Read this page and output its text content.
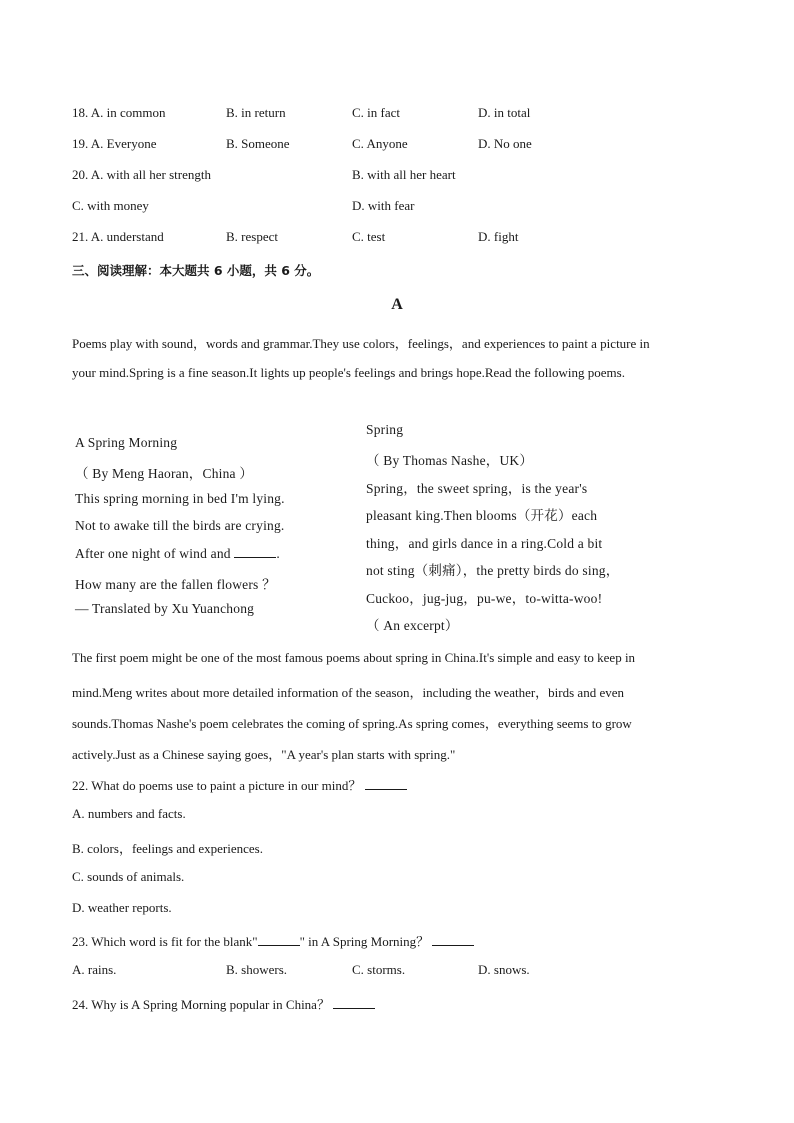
18. A. in common	B. in return	C. in fact	D. in total
19. A. Everyone	B. Someone	C. Anyone	D. No one
20. A. with all her strength	B. with all her heart
C. with money	D. with fear
21. A. understand	B. respect	C. test	D. fight
三、阅读理解：本大题共 6 小题，共 6 分。
A
Poems play with sound，words and grammar.They use colors，feelings，and experiences to paint a picture in
your mind.Spring is a fine season.It lights up people's feelings and brings hope.Read the following poems.
A Spring Morning
（ By Meng Haoran，China ）
This spring morning in bed I'm lying.
Not to awake till the birds are crying.
After one night of wind and	.
How many are the fallen flowers ？
— Translated by Xu Yuanchong
Spring
（ By Thomas Nashe，UK）
Spring，the sweet spring，is the year's
pleasant king.Then blooms（开花）each
thing，and girls dance in a ring.Cold a bit
not sting（刺痛），the pretty birds do sing，
Cuckoo，jug-jug，pu-we，to-witta-woo!
（ An excerpt）
The first poem might be one of the most famous poems about spring in China.It's simple and easy to keep in
mind.Meng writes about more detailed information of the season，including the weather，birds and even
sounds.Thomas Nashe's poem celebrates the coming of spring.As spring comes，everything seems to grow
actively.Just as a Chinese saying goes，"A year's plan starts with spring."
22. What do poems use to paint a picture in our mind？
A. numbers and facts.
B. colors，feelings and experiences.
C. sounds of animals.
D. weather reports.
23. Which word is fit for the blank"	" in A Spring Morning？
A. rains.	B. showers.	C. storms.	D. snows.
24. Why is A Spring Morning popular in China？
